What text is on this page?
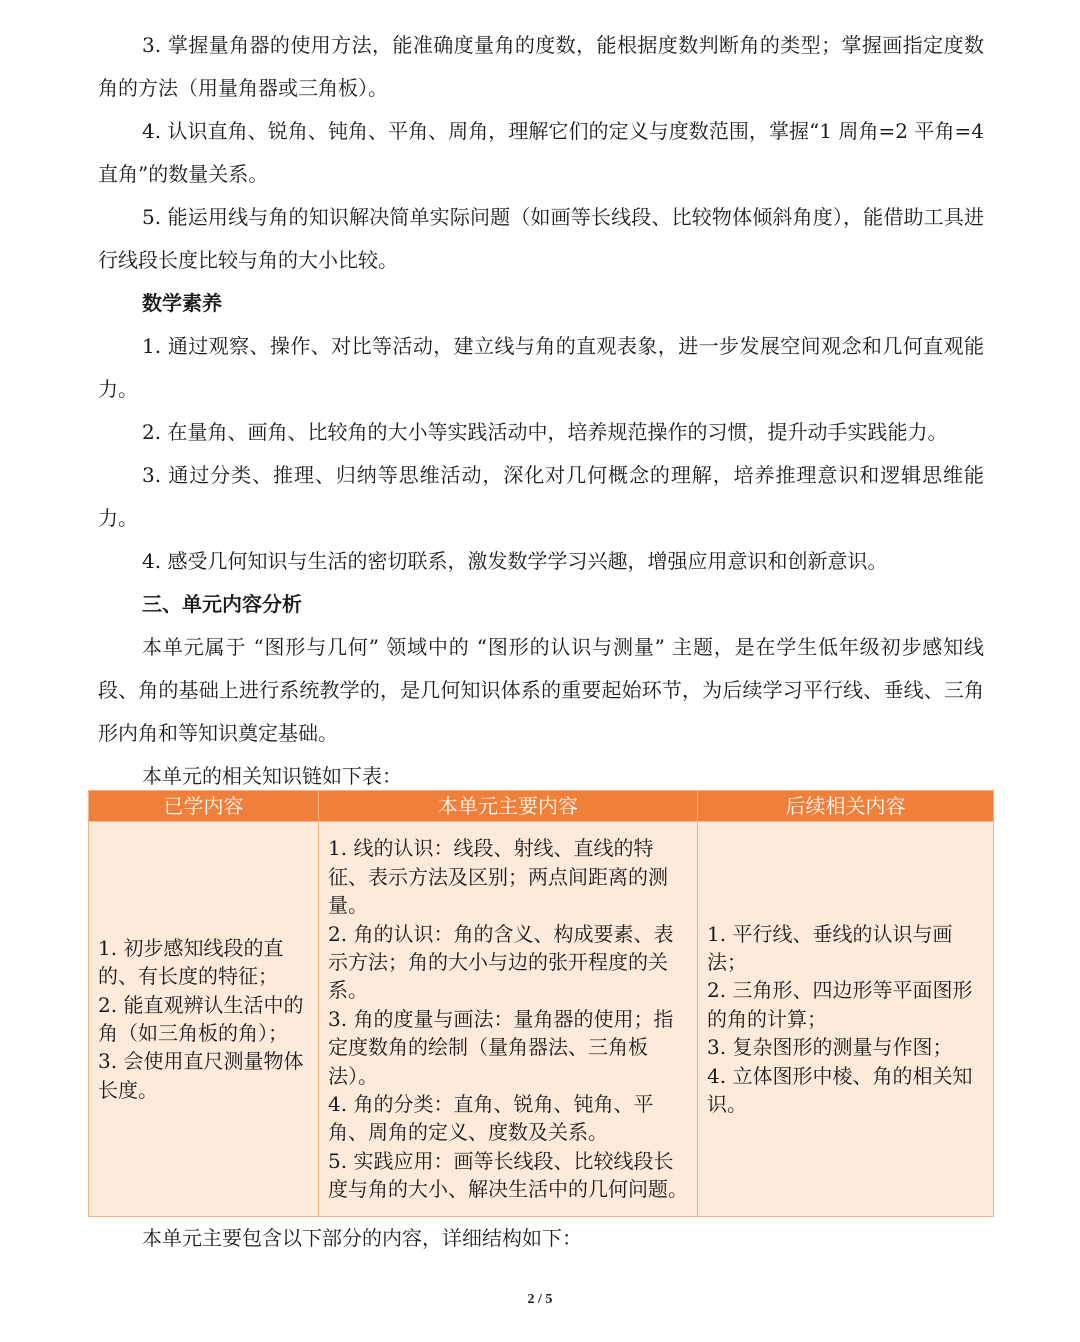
3. 掌握量角器的使用方法，能准确度量角的度数，能根据度数判断角的类型；掌握画指定度数角的方法（用量角器或三角板）。

4. 认识直角、锐角、钝角、平角、周角，理解它们的定义与度数范围，掌握“1 周角=2 平角=4 直角”的数量关系。

5. 能运用线与角的知识解决简单实际问题（如画等长线段、比较物体倾斜角度），能借助工具进行线段长度比较与角的大小比较。

数学素养

1. 通过观察、操作、对比等活动，建立线与角的直观表象，进一步发展空间观念和几何直观能力。

2. 在量角、画角、比较角的大小等实践活动中，培养规范操作的习惯，提升动手实践能力。

3. 通过分类、推理、归纳等思维活动，深化对几何概念的理解，培养推理意识和逻辑思维能力。

4. 感受几何知识与生活的密切联系，激发数学学习兴趣，增强应用意识和创新意识。

三、单元内容分析

本单元属于 “图形与几何” 领域中的 “图形的认识与测量” 主题，是在学生低年级初步感知线段、角的基础上进行系统教学的，是几何知识体系的重要起始环节，为后续学习平行线、垂线、三角形内角和等知识奠定基础。

本单元的相关知识链如下表：

已学内容	本单元主要内容	后续相关内容

1. 初步感知线段的直的、有长度的特征；
2. 能直观辨认生活中的角（如三角板的角）；
3. 会使用直尺测量物体长度。	1. 线的认识：线段、射线、直线的特征、表示方法及区别；两点间距离的测量。
2. 角的认识：角的含义、构成要素、表示方法；角的大小与边的张开程度的关系。
3. 角的度量与画法：量角器的使用；指定度数角的绘制（量角器法、三角板法）。
4. 角的分类：直角、锐角、钝角、平角、周角的定义、度数及关系。
5. 实践应用：画等长线段、比较线段长度与角的大小、解决生活中的几何问题。	1. 平行线、垂线的认识与画法；
2. 三角形、四边形等平面图形的角的计算；
3. 复杂图形的测量与作图；
4. 立体图形中棱、角的相关知识。

本单元主要包含以下部分的内容，详细结构如下：

2 / 5
